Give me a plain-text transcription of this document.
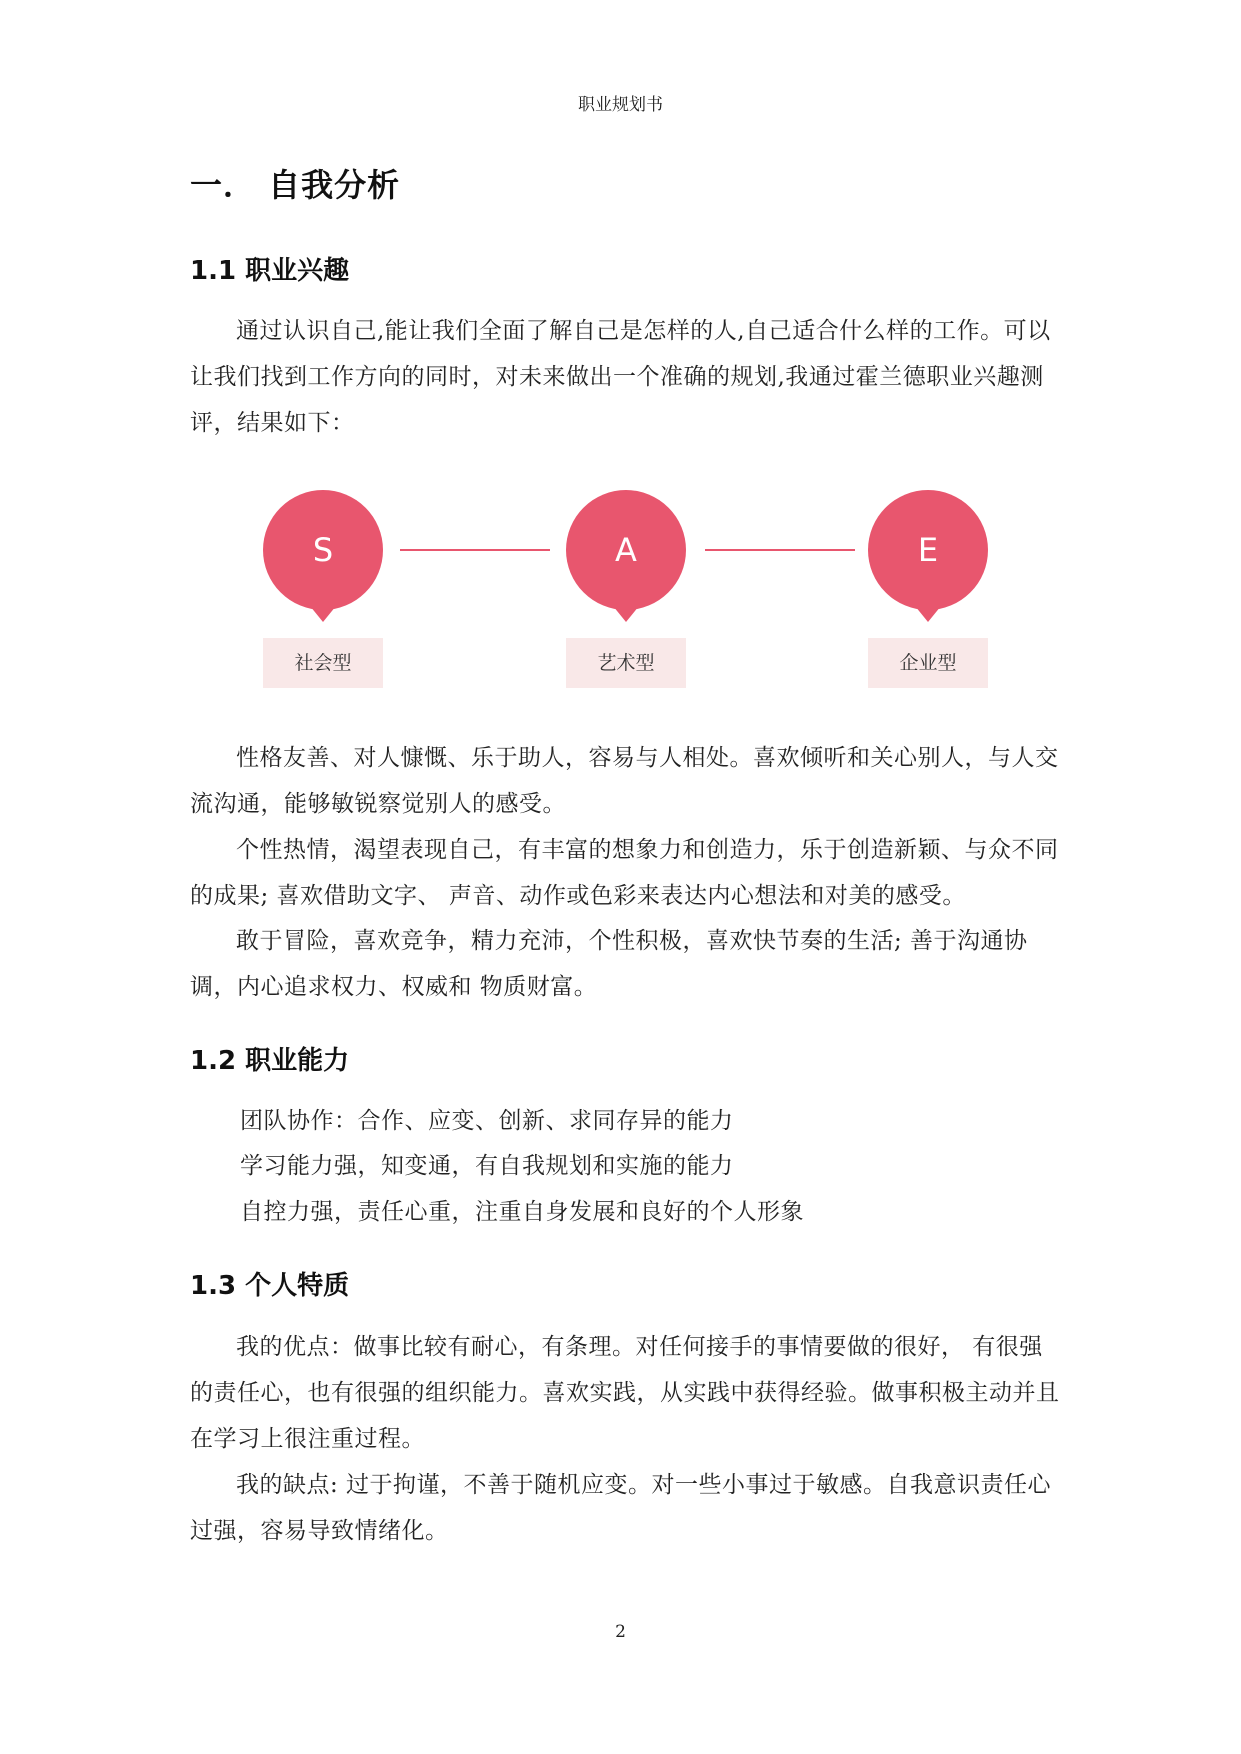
职业规划书
一． 自我分析
1.1 职业兴趣

通过认识自己,能让我们全面了解自己是怎样的人,自己适合什么样的工作。可以让我们找到工作方向的同时，对未来做出一个准确的规划,我通过霍兰德职业兴趣测评，结果如下：

S
社会型
A
艺术型
E
企业型

性格友善、对人慷慨、乐于助人，容易与人相处。喜欢倾听和关心别人，与人交流沟通，能够敏锐察觉别人的感受。

个性热情，渴望表现自己，有丰富的想象力和创造力，乐于创造新颖、与众不同的成果; 喜欢借助文字、 声音、动作或色彩来表达内心想法和对美的感受。

敢于冒险，喜欢竞争，精力充沛，个性积极，喜欢快节奏的生活; 善于沟通协调，内心追求权力、权威和 物质财富。

1.2 职业能力

团队协作：合作、应变、创新、求同存异的能力

学习能力强，知变通，有自我规划和实施的能力

自控力强，责任心重，注重自身发展和良好的个人形象

1.3 个人特质

我的优点：做事比较有耐心，有条理。对任何接手的事情要做的很好， 有很强的责任心，也有很强的组织能力。喜欢实践，从实践中获得经验。做事积极主动并且在学习上很注重过程。

我的缺点: 过于拘谨，不善于随机应变。对一些小事过于敏感。自我意识责任心过强，容易导致情绪化。

2
